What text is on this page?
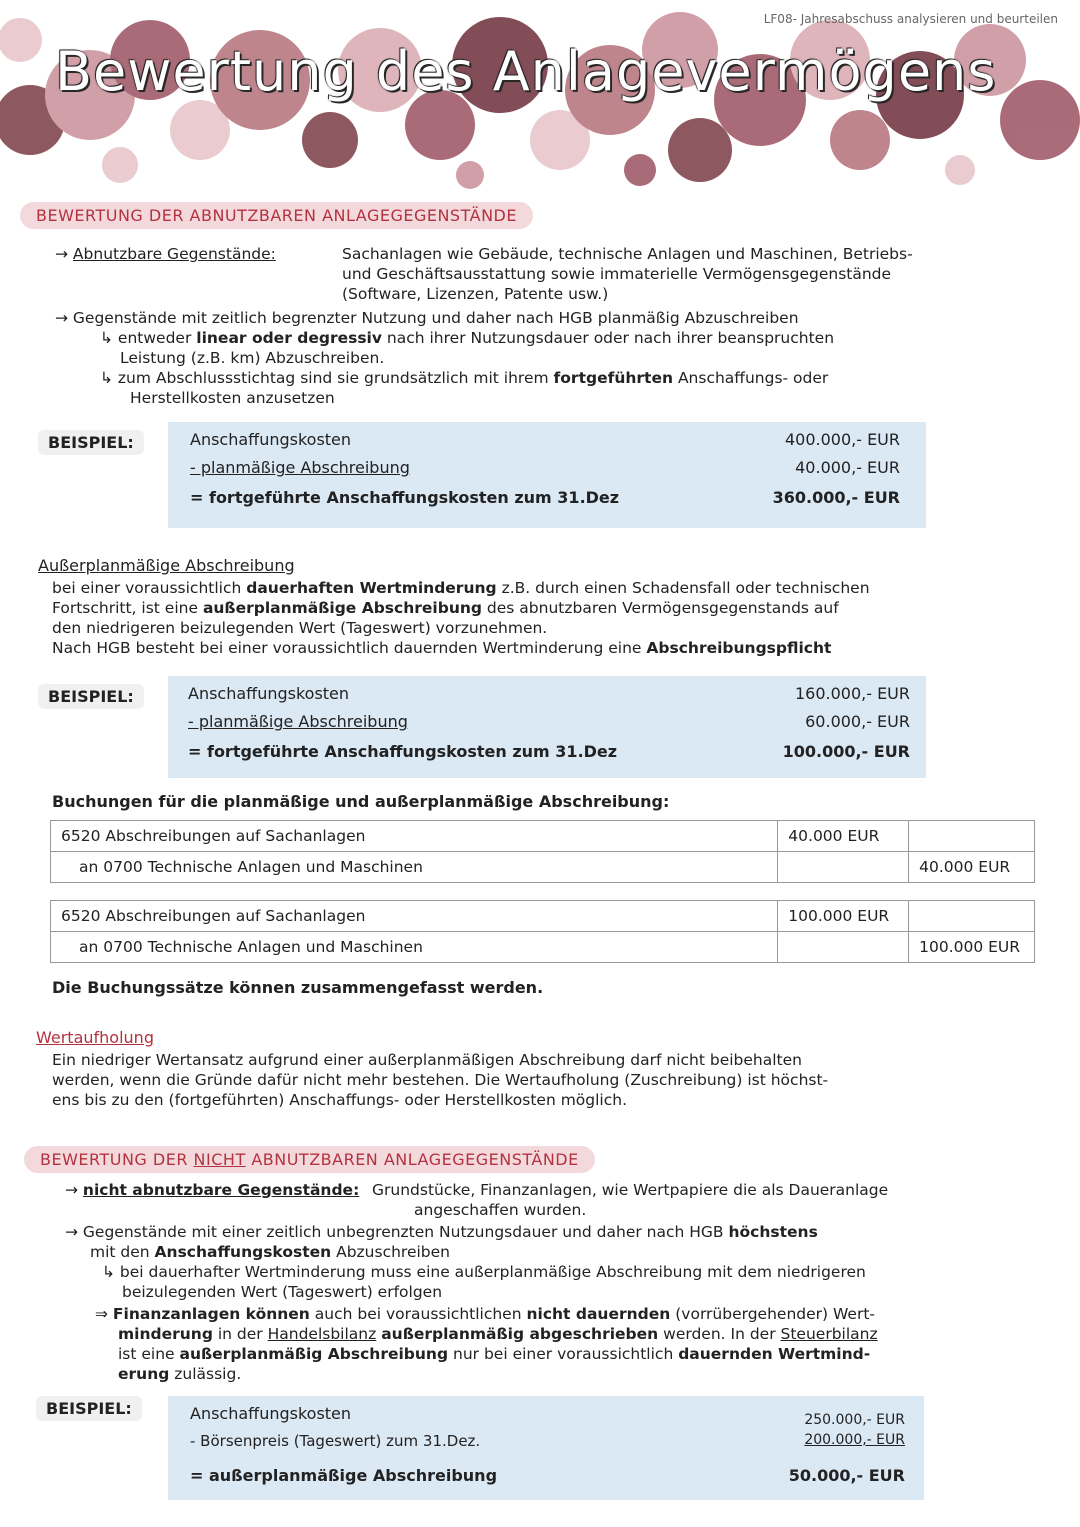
LF08- Jahresabschuss analysieren und beurteilen
Bewertung des Anlagevermögens
BEWERTUNG DER ABNUTZBAREN ANLAGEGEGENSTÄNDE
→ Abnutzbare Gegenstände:	Sachanlagen wie Gebäude, technische Anlagen und Maschinen, Betriebs-
und Geschäftsausstattung sowie immaterielle Vermögensgegenstände
(Software, Lizenzen, Patente usw.)
→ Gegenstände mit zeitlich begrenzter Nutzung und daher nach HGB planmäßig Abzuschreiben
↳ entweder linear oder degressiv nach ihrer Nutzungsdauer oder nach ihrer beanspruchten
Leistung (z.B. km) Abzuschreiben.
↳ zum Abschlussstichtag sind sie grundsätzlich mit ihrem fortgeführten Anschaffungs- oder
Herstellkosten anzusetzen
BEISPIEL:	Anschaffungskosten	400.000,- EUR
- planmäßige Abschreibung	40.000,- EUR
= fortgeführte Anschaffungskosten zum 31.Dez	360.000,- EUR
Außerplanmäßige Abschreibung
bei einer voraussichtlich dauerhaften Wertminderung z.B. durch einen Schadensfall oder technischen
Fortschritt, ist eine außerplanmäßige Abschreibung des abnutzbaren Vermögensgegenstands auf
den niedrigeren beizulegenden Wert (Tageswert) vorzunehmen.
Nach HGB besteht bei einer voraussichtlich dauernden Wertminderung eine Abschreibungspflicht
BEISPIEL:	Anschaffungskosten	160.000,- EUR
- planmäßige Abschreibung	60.000,- EUR
= fortgeführte Anschaffungskosten zum 31.Dez	100.000,- EUR
Buchungen für die planmäßige und außerplanmäßige Abschreibung:
6520 Abschreibungen auf Sachanlagen	40.000 EUR	
an 0700 Technische Anlagen und Maschinen		40.000 EUR
6520 Abschreibungen auf Sachanlagen	100.000 EUR	
an 0700 Technische Anlagen und Maschinen		100.000 EUR
Die Buchungssätze können zusammengefasst werden.
Wertaufholung
Ein niedriger Wertansatz aufgrund einer außerplanmäßigen Abschreibung darf nicht beibehalten
werden, wenn die Gründe dafür nicht mehr bestehen. Die Wertaufholung (Zuschreibung) ist höchst-
ens bis zu den (fortgeführten) Anschaffungs- oder Herstellkosten möglich.
BEWERTUNG DER NICHT ABNUTZBAREN ANLAGEGEGENSTÄNDE
→ nicht abnutzbare Gegenstände: Grundstücke, Finanzanlagen, wie Wertpapiere die als Daueranlage
angeschaffen wurden.
→ Gegenstände mit einer zeitlich unbegrenzten Nutzungsdauer und daher nach HGB höchstens
mit den Anschaffungskosten Abzuschreiben
↳ bei dauerhafter Wertminderung muss eine außerplanmäßige Abschreibung mit dem niedrigeren
beizulegenden Wert (Tageswert) erfolgen
⇒ Finanzanlagen können auch bei voraussichtlichen nicht dauernden (vorrübergehender) Wert-
minderung in der Handelsbilanz außerplanmäßig abgeschrieben werden. In der Steuerbilanz
ist eine außerplanmäßig Abschreibung nur bei einer voraussichtlich dauernden Wertmind-
erung zulässig.
BEISPIEL:	Anschaffungskosten	250.000,- EUR
- Börsenpreis (Tageswert) zum 31.Dez.	200.000,- EUR
= außerplanmäßige Abschreibung	50.000,- EUR
